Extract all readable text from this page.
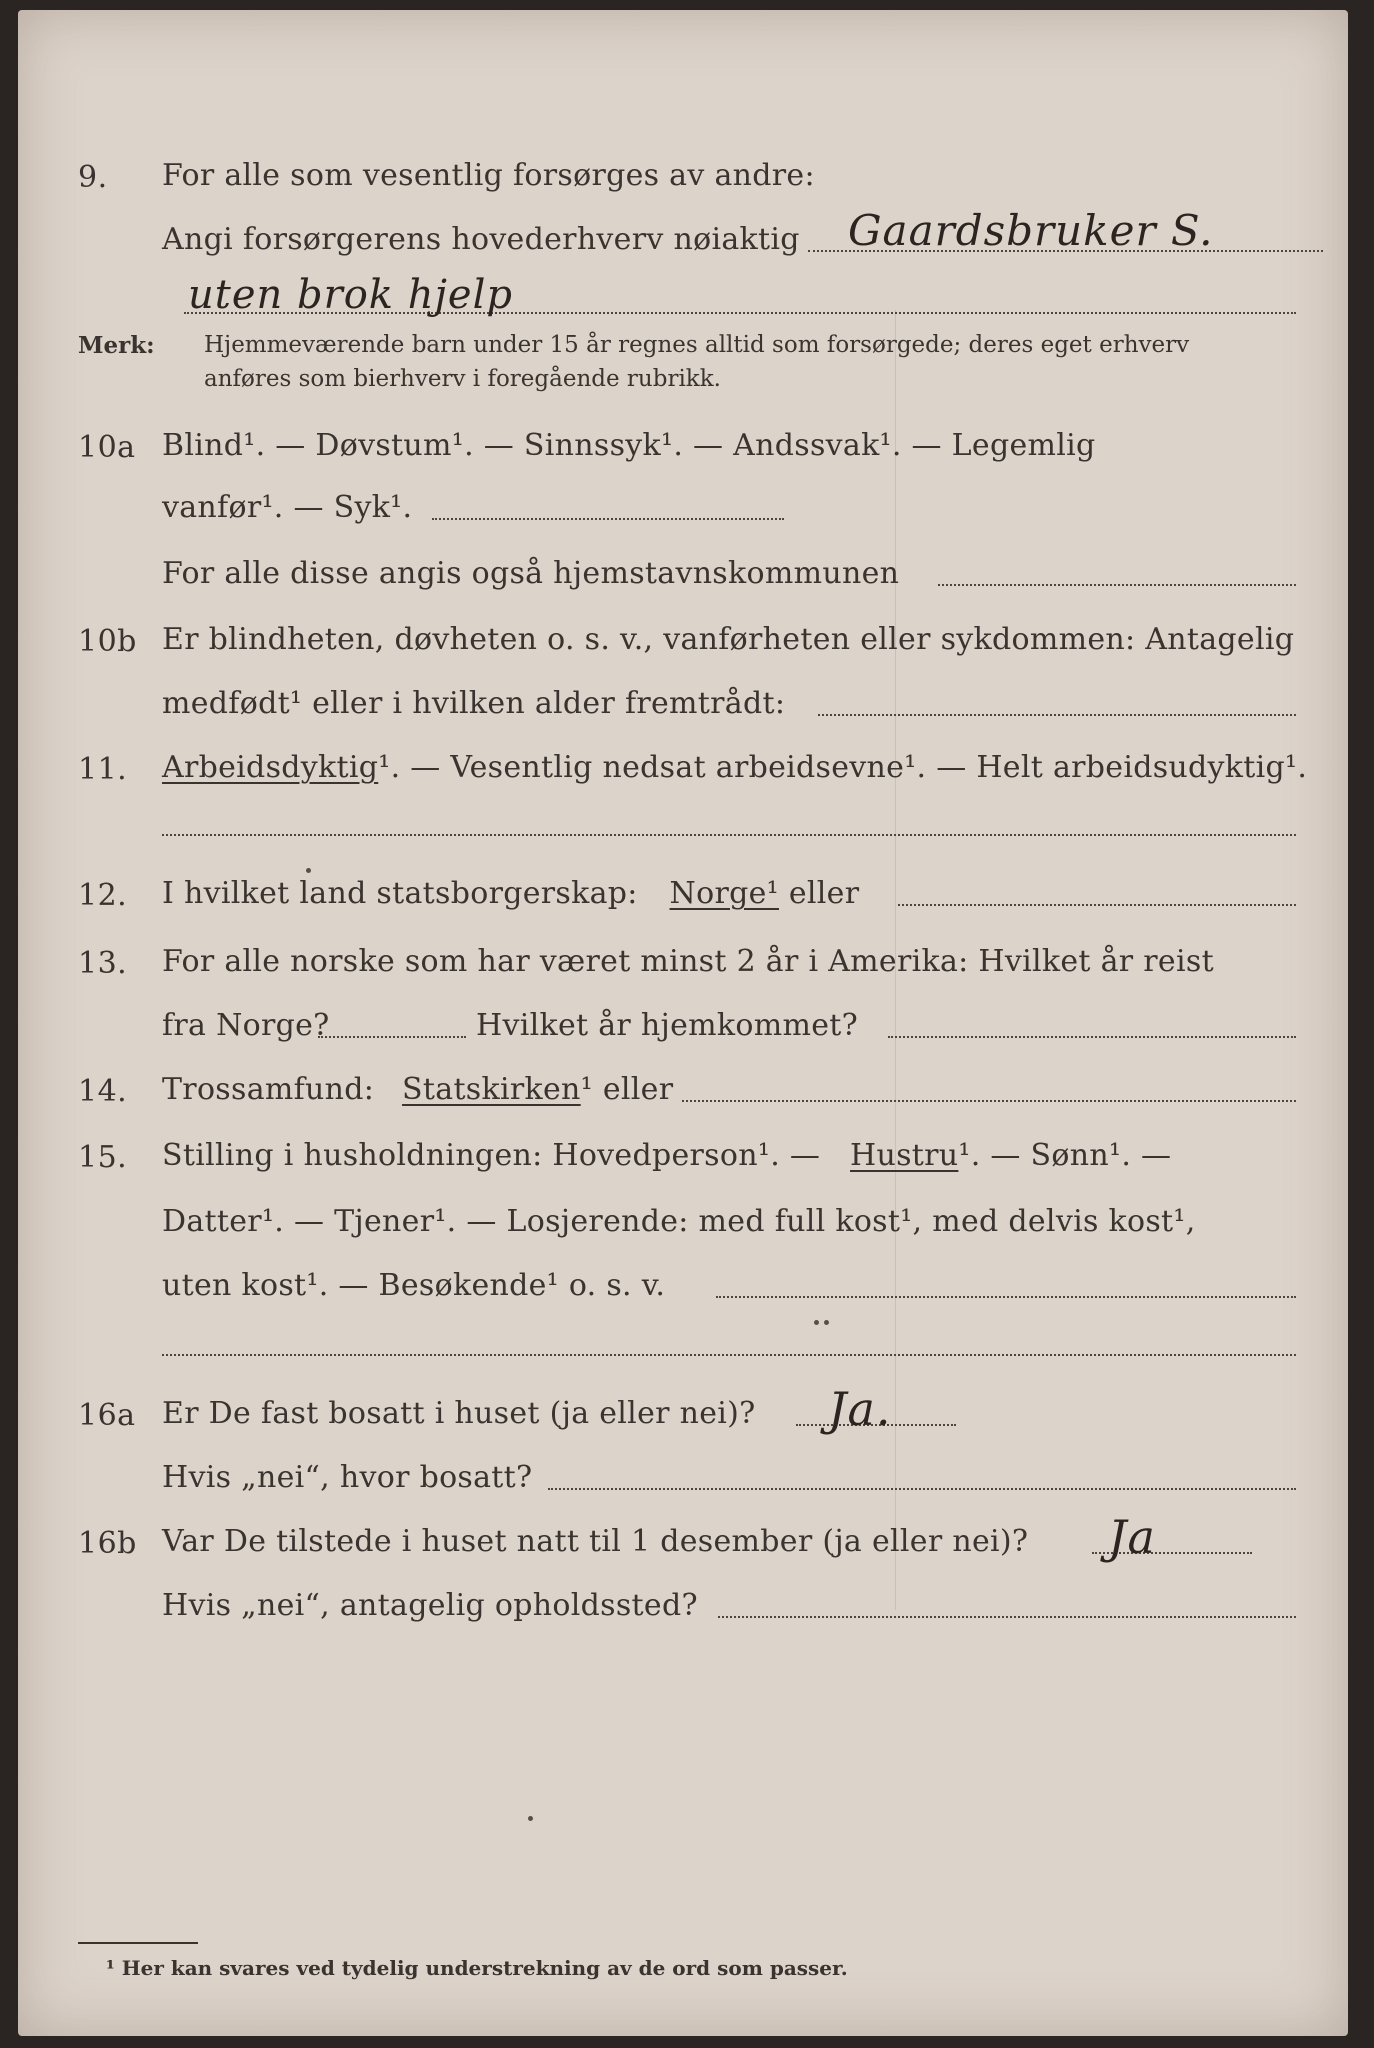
9. For alle som vesentlig forsørges av andre:
Angi forsørgerens hovederhverv nøiaktig Gaardsbruker S.
uten brok hjelp
Merk: Hjemmeværende barn under 15 år regnes alltid som forsørgede; deres eget erhverv
anføres som bierhverv i foregående rubrikk.
10a Blind¹. — Døvstum¹. — Sinnssyk¹. — Andssvak¹. — Legemlig
vanfør¹. — Syk¹.
For alle disse angis også hjemstavnskommunen
10b Er blindheten, døvheten o. s. v., vanførheten eller sykdommen: Antagelig
medfødt¹ eller i hvilken alder fremtrådt:
11. Arbeidsdyktig¹. — Vesentlig nedsat arbeidsevne¹. — Helt arbeidsudyktig¹.
12. I hvilket land statsborgerskap: Norge¹ eller
13. For alle norske som har været minst 2 år i Amerika: Hvilket år reist
fra Norge?	Hvilket år hjemkommet?
14. Trossamfund: Statskirken¹ eller
15. Stilling i husholdningen: Hovedperson¹. — Hustru¹. — Sønn¹. —
Datter¹. — Tjener¹. — Losjerende: med full kost¹, med delvis kost¹,
uten kost¹. — Besøkende¹ o. s. v.
16a Er De fast bosatt i huset (ja eller nei)? Ja.
Hvis „nei“, hvor bosatt?
16b Var De tilstede i huset natt til 1 desember (ja eller nei)? Ja
Hvis „nei“, antagelig opholdssted?
¹ Her kan svares ved tydelig understrekning av de ord som passer.
